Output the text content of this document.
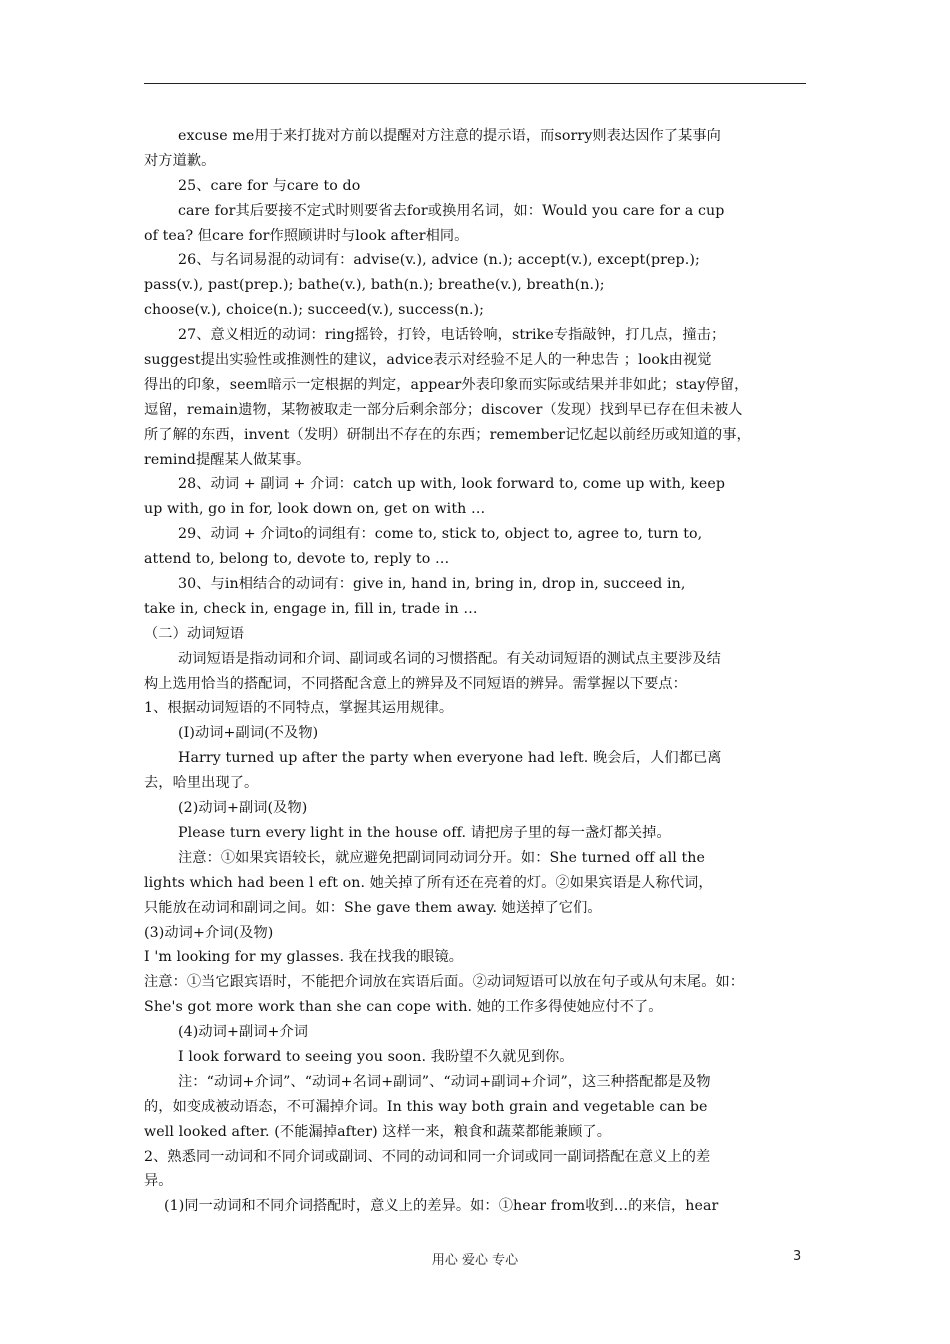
excuse me用于来打拢对方前以提醒对方注意的提示语，而sorry则表达因作了某事向
对方道歉。
25、care for 与care to do
care for其后要接不定式时则要省去for或换用名词，如：Would you care for a cup
of tea? 但care for作照顾讲时与look after相同。
26、与名词易混的动词有：advise(v.), advice (n.); accept(v.), except(prep.);
pass(v.), past(prep.); bathe(v.), bath(n.); breathe(v.), breath(n.);
choose(v.), choice(n.); succeed(v.), success(n.);
27、意义相近的动词：ring摇铃，打铃，电话铃响，strike专指敲钟，打几点，撞击；
suggest提出实验性或推测性的建议，advice表示对经验不足人的一种忠告 ；look由视觉
得出的印象，seem暗示一定根据的判定，appear外表印象而实际或结果并非如此；stay停留，
逗留，remain遗物，某物被取走一部分后剩余部分；discover（发现）找到早已存在但未被人
所了解的东西，invent（发明）研制出不存在的东西；remember记忆起以前经历或知道的事，
remind提醒某人做某事。
28、动词 + 副词 + 介词：catch up with, look forward to, come up with, keep
up with, go in for, look down on, get on with …
29、动词 + 介词to的词组有：come to, stick to, object to, agree to, turn to,
attend to, belong to, devote to, reply to …
30、与in相结合的动词有：give in, hand in, bring in, drop in, succeed in,
take in, check in, engage in, fill in, trade in …
（二）动词短语
动词短语是指动词和介词、副词或名词的习惯搭配。有关动词短语的测试点主要涉及结
构上选用恰当的搭配词，不同搭配含意上的辨异及不同短语的辨异。需掌握以下要点：
1、根据动词短语的不同特点，掌握其运用规律。
(I)动词+副词(不及物)
Harry turned up after the party when everyone had left. 晚会后，人们都已离
去，哈里出现了。
(2)动词+副词(及物)
Please turn every light in the house off. 请把房子里的每一盏灯都关掉。
注意：①如果宾语较长，就应避免把副词同动词分开。如：She turned off all the
lights which had been l eft on. 她关掉了所有还在亮着的灯。②如果宾语是人称代词，
只能放在动词和副词之间。如：She gave them away. 她送掉了它们。
(3)动词+介词(及物)
I 'm looking for my glasses. 我在找我的眼镜。
注意：①当它跟宾语时，不能把介词放在宾语后面。②动词短语可以放在句子或从句末尾。如：
She's got more work than she can cope with. 她的工作多得使她应付不了。
(4)动词+副词+介词
I look forward to seeing you soon. 我盼望不久就见到你。
注：“动词+介词”、“动词+名词+副词”、“动词+副词+介词”，这三种搭配都是及物
的，如变成被动语态，不可漏掉介词。In this way both grain and vegetable can be
well looked after. (不能漏掉after) 这样一来，粮食和蔬菜都能兼顾了。
2、熟悉同一动词和不同介词或副词、不同的动词和同一介词或同一副词搭配在意义上的差
异。
(1)同一动词和不同介词搭配时，意义上的差异。如：①hear from收到…的来信，hear
用心 爱心 专心	3
